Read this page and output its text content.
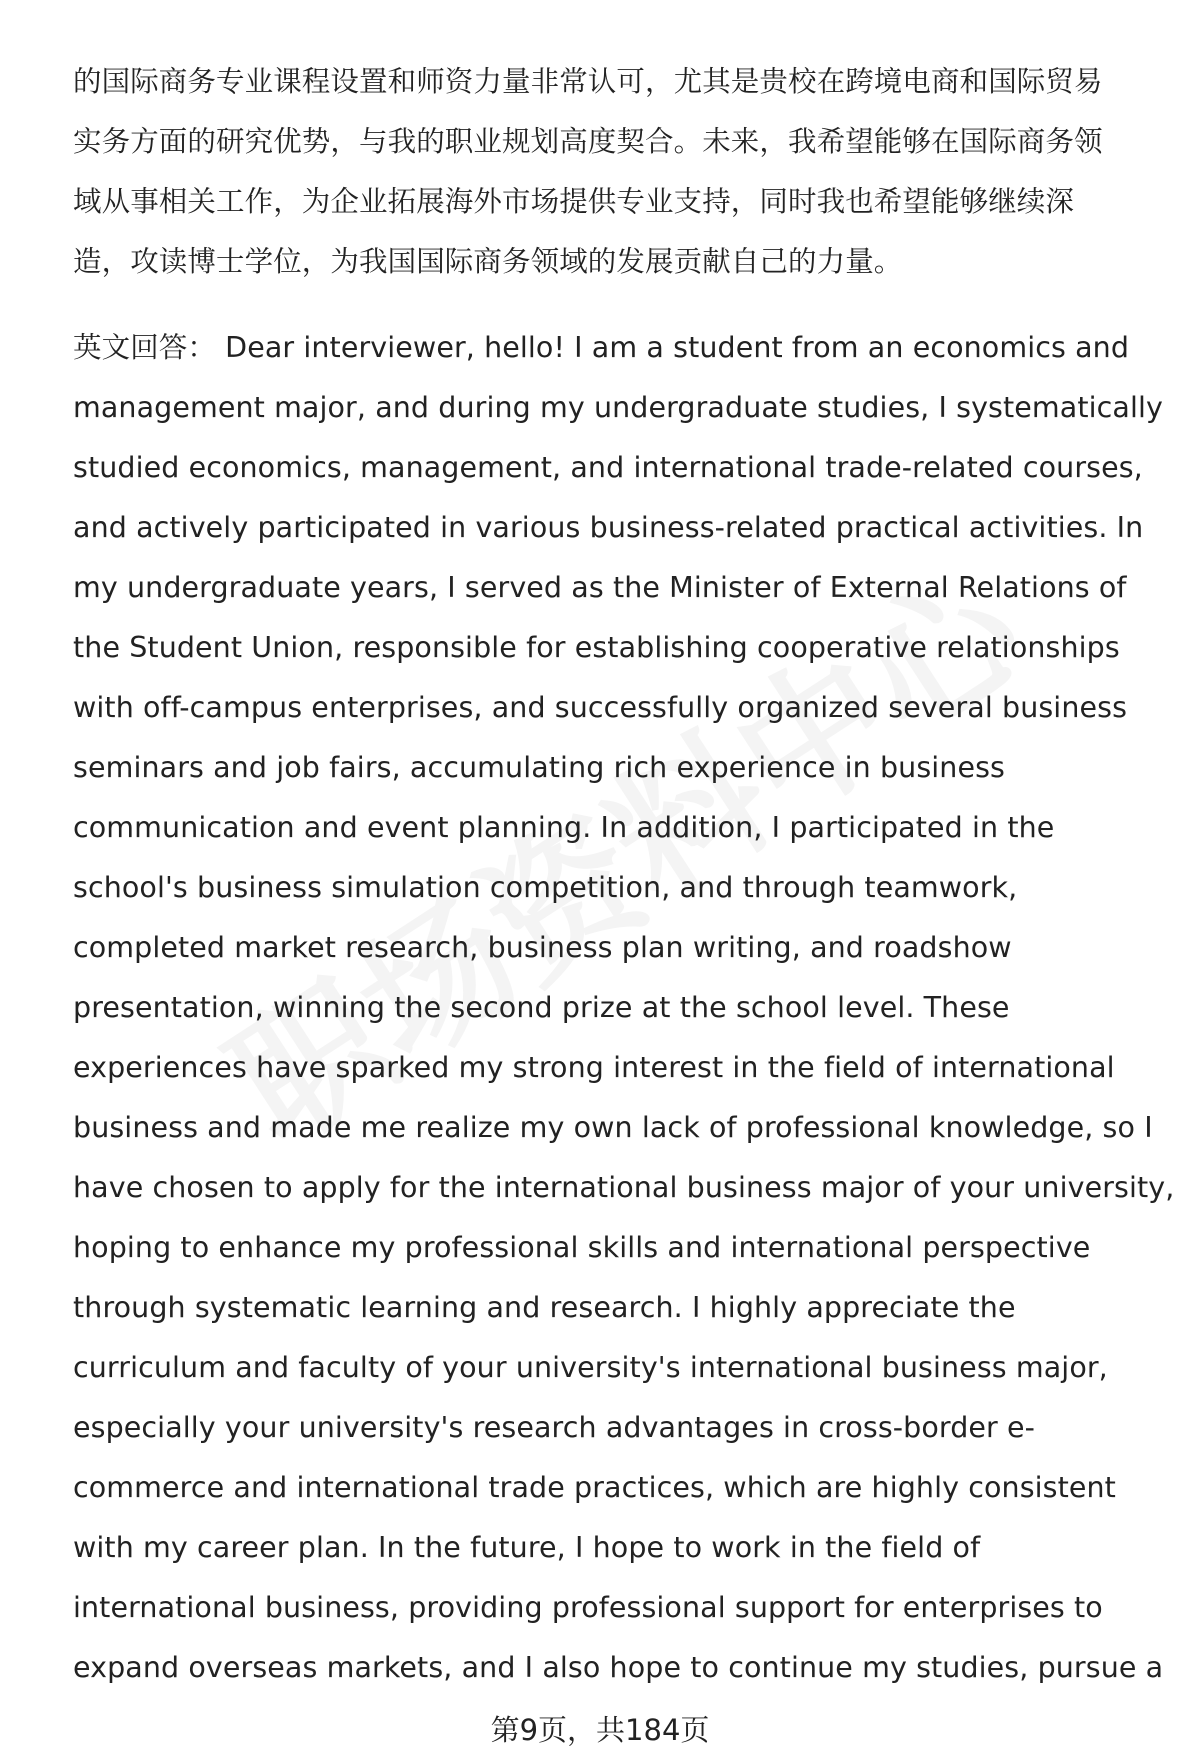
的国际商务专业课程设置和师资力量非常认可，尤其是贵校在跨境电商和国际贸易
实务方面的研究优势，与我的职业规划高度契合。未来，我希望能够在国际商务领
域从事相关工作，为企业拓展海外市场提供专业支持，同时我也希望能够继续深
造，攻读博士学位，为我国国际商务领域的发展贡献自己的力量。
英文回答： Dear interviewer, hello! I am a student from an economics and
management major, and during my undergraduate studies, I systematically
studied economics, management, and international trade-related courses,
and actively participated in various business-related practical activities. In
my undergraduate years, I served as the Minister of External Relations of
the Student Union, responsible for establishing cooperative relationships
with off-campus enterprises, and successfully organized several business
seminars and job fairs, accumulating rich experience in business
communication and event planning. In addition, I participated in the
school's business simulation competition, and through teamwork,
completed market research, business plan writing, and roadshow
presentation, winning the second prize at the school level. These
experiences have sparked my strong interest in the field of international
business and made me realize my own lack of professional knowledge, so I
have chosen to apply for the international business major of your university,
hoping to enhance my professional skills and international perspective
through systematic learning and research. I highly appreciate the
curriculum and faculty of your university's international business major,
especially your university's research advantages in cross-border e-
commerce and international trade practices, which are highly consistent
with my career plan. In the future, I hope to work in the field of
international business, providing professional support for enterprises to
expand overseas markets, and I also hope to continue my studies, pursue a
第9页，共184页
